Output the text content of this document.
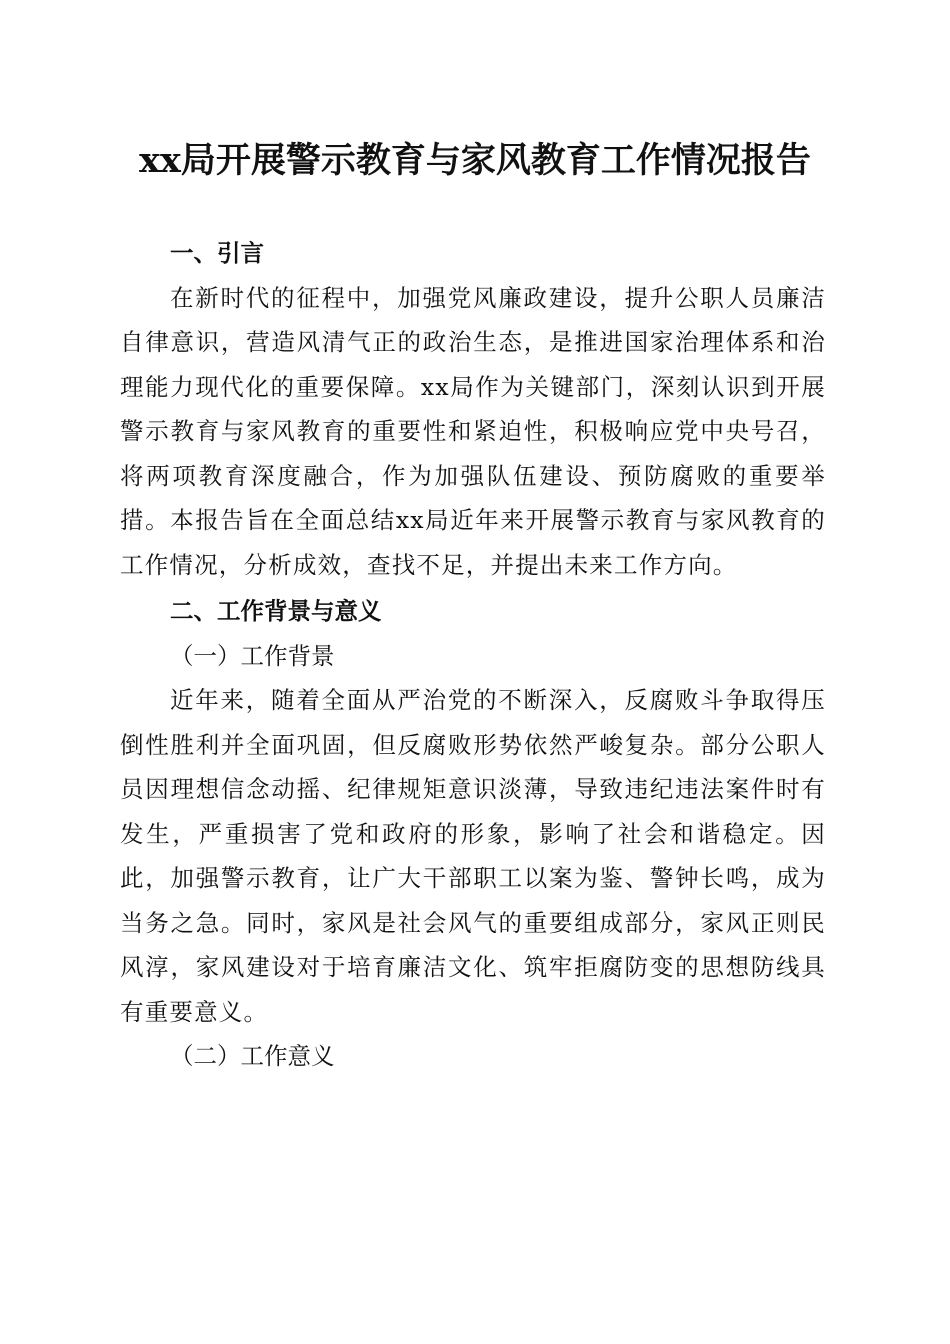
xx局开展警示教育与家风教育工作情况报告

一、引言

在新时代的征程中，加强党风廉政建设，提升公职人员廉洁自律意识，营造风清气正的政治生态，是推进国家治理体系和治理能力现代化的重要保障。xx局作为关键部门，深刻认识到开展警示教育与家风教育的重要性和紧迫性，积极响应党中央号召，将两项教育深度融合，作为加强队伍建设、预防腐败的重要举措。本报告旨在全面总结xx局近年来开展警示教育与家风教育的工作情况，分析成效，查找不足，并提出未来工作方向。

二、工作背景与意义

（一）工作背景

近年来，随着全面从严治党的不断深入，反腐败斗争取得压倒性胜利并全面巩固，但反腐败形势依然严峻复杂。部分公职人员因理想信念动摇、纪律规矩意识淡薄，导致违纪违法案件时有发生，严重损害了党和政府的形象，影响了社会和谐稳定。因此，加强警示教育，让广大干部职工以案为鉴、警钟长鸣，成为当务之急。同时，家风是社会风气的重要组成部分，家风正则民风淳，家风建设对于培育廉洁文化、筑牢拒腐防变的思想防线具有重要意义。

（二）工作意义
